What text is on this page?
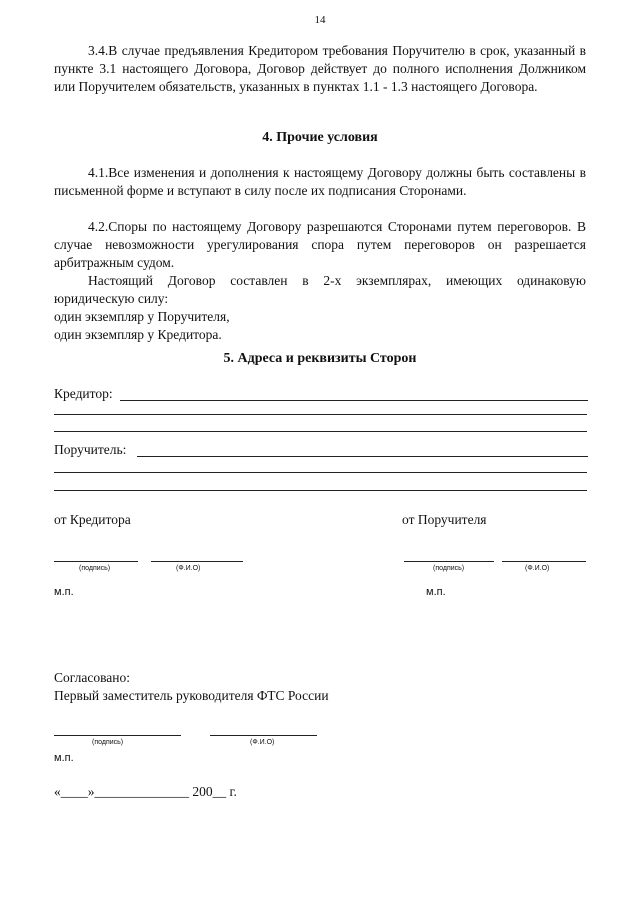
14

3.4.В случае предъявления Кредитором требования Поручителю в срок, указанный в пункте 3.1 настоящего Договора, Договор действует до полного исполнения Должником или Поручителем обязательств, указанных в пунктах 1.1 - 1.3 настоящего Договора.

4. Прочие условия

4.1.Все изменения и дополнения к настоящему Договору должны быть составлены в письменной форме и вступают в силу после их подписания Сторонами.

4.2.Споры по настоящему Договору разрешаются Сторонами путем переговоров. В случае невозможности урегулирования спора путем переговоров он разрешается арбитражным судом.

Настоящий Договор составлен в 2-х экземплярах, имеющих одинаковую юридическую силу:

один экземпляр у Поручителя,

один экземпляр у Кредитора.

5. Адреса и реквизиты Сторон
Кредитор:
Поручитель:
от Кредитора	от Поручителя
(подпись)	(Ф.И.О)	(подпись)	(Ф.И.О)
м.п.	м.п.
Согласовано:
Первый заместитель руководителя ФТС России
(подпись)	(Ф.И.О)
м.п.
«____»______________ 200__ г.
